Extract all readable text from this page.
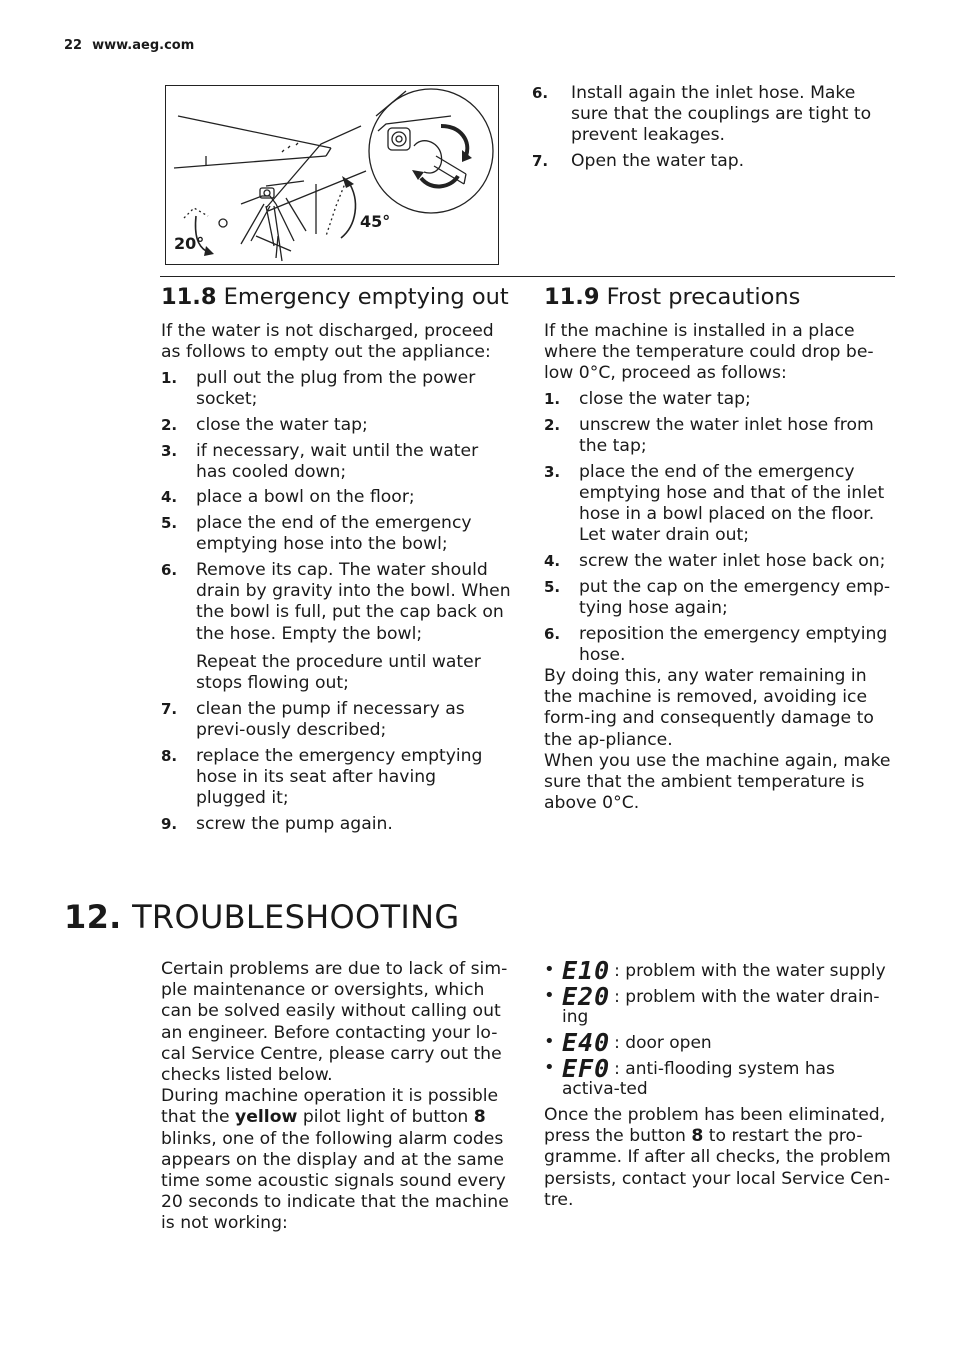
22 www.aeg.com
20°
45°
6. Install again the inlet hose. Make sure that the couplings are tight to prevent leakages.
7. Open the water tap.
11.8 Emergency emptying out

If the water is not discharged, proceed as follows to empty out the appliance:

1. pull out the plug from the power socket;
2. close the water tap;
3. if necessary, wait until the water has cooled down;
4. place a bowl on the floor;
5. place the end of the emergency emptying hose into the bowl;
6. Remove its cap. The water should drain by gravity into the bowl. When the bowl is full, put the cap back on the hose. Empty the bowl;
Repeat the procedure until water stops flowing out;
7. clean the pump if necessary as previ-ously described;
8. replace the emergency emptying hose in its seat after having plugged it;
9. screw the pump again.
11.9 Frost precautions

If the machine is installed in a place where the temperature could drop be-low 0°C, proceed as follows:

1. close the water tap;
2. unscrew the water inlet hose from the tap;
3. place the end of the emergency emptying hose and that of the inlet hose in a bowl placed on the floor. Let water drain out;
4. screw the water inlet hose back on;
5. put the cap on the emergency emp-tying hose again;
6. reposition the emergency emptying hose.

By doing this, any water remaining in the machine is removed, avoiding ice form-ing and consequently damage to the ap-pliance.

When you use the machine again, make sure that the ambient temperature is above 0°C.

12. TROUBLESHOOTING

Certain problems are due to lack of sim-ple maintenance or oversights, which can be solved easily without calling out an engineer. Before contacting your lo-cal Service Centre, please carry out the checks listed below.

During machine operation it is possible that the yellow pilot light of button 8 blinks, one of the following alarm codes appears on the display and at the same time some acoustic signals sound every 20 seconds to indicate that the machine is not working:

• E10 : problem with the water supply
• E20 : problem with the water drain-ing
• E40 : door open
• EF0 : anti-flooding system has activa-ted

Once the problem has been eliminated, press the button 8 to restart the pro-gramme. If after all checks, the problem persists, contact your local Service Cen-tre.
